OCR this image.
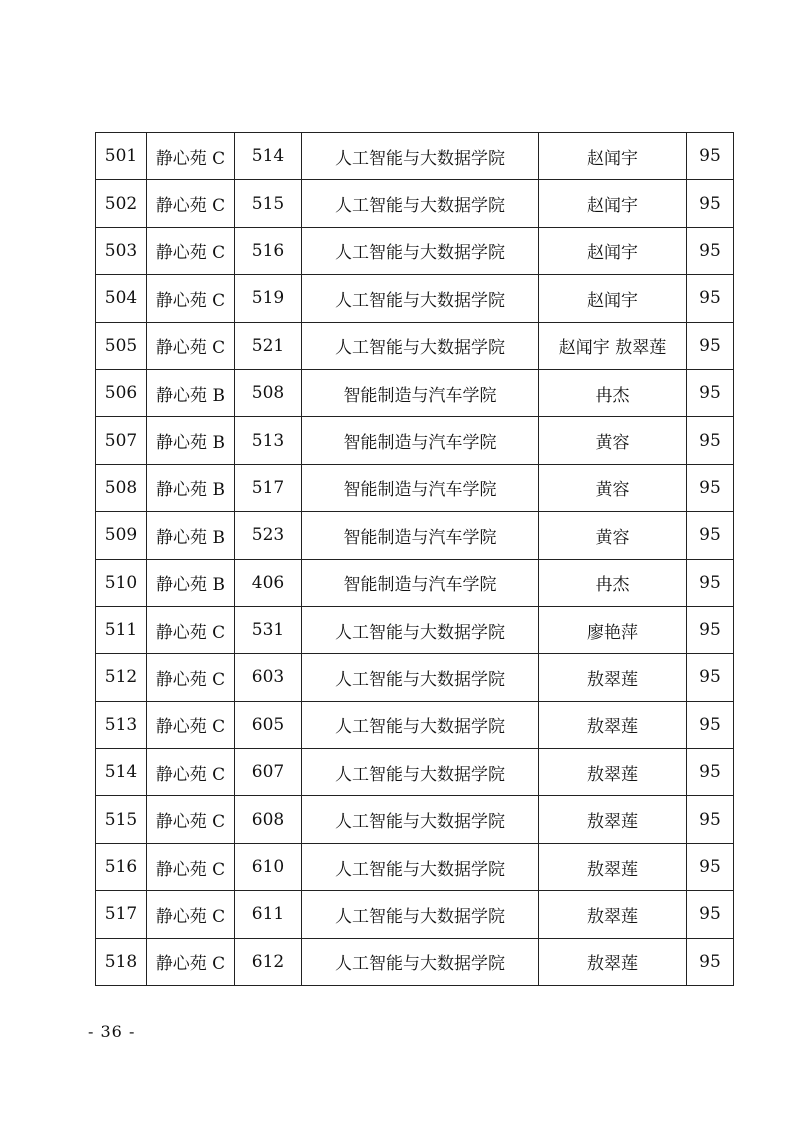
501	静心苑 C	514	人工智能与大数据学院	赵闻宇	95
502	静心苑 C	515	人工智能与大数据学院	赵闻宇	95
503	静心苑 C	516	人工智能与大数据学院	赵闻宇	95
504	静心苑 C	519	人工智能与大数据学院	赵闻宇	95
505	静心苑 C	521	人工智能与大数据学院	赵闻宇 敖翠莲	95
506	静心苑 B	508	智能制造与汽车学院	冉杰	95
507	静心苑 B	513	智能制造与汽车学院	黄容	95
508	静心苑 B	517	智能制造与汽车学院	黄容	95
509	静心苑 B	523	智能制造与汽车学院	黄容	95
510	静心苑 B	406	智能制造与汽车学院	冉杰	95
511	静心苑 C	531	人工智能与大数据学院	廖艳萍	95
512	静心苑 C	603	人工智能与大数据学院	敖翠莲	95
513	静心苑 C	605	人工智能与大数据学院	敖翠莲	95
514	静心苑 C	607	人工智能与大数据学院	敖翠莲	95
515	静心苑 C	608	人工智能与大数据学院	敖翠莲	95
516	静心苑 C	610	人工智能与大数据学院	敖翠莲	95
517	静心苑 C	611	人工智能与大数据学院	敖翠莲	95
518	静心苑 C	612	人工智能与大数据学院	敖翠莲	95
- 36 -
